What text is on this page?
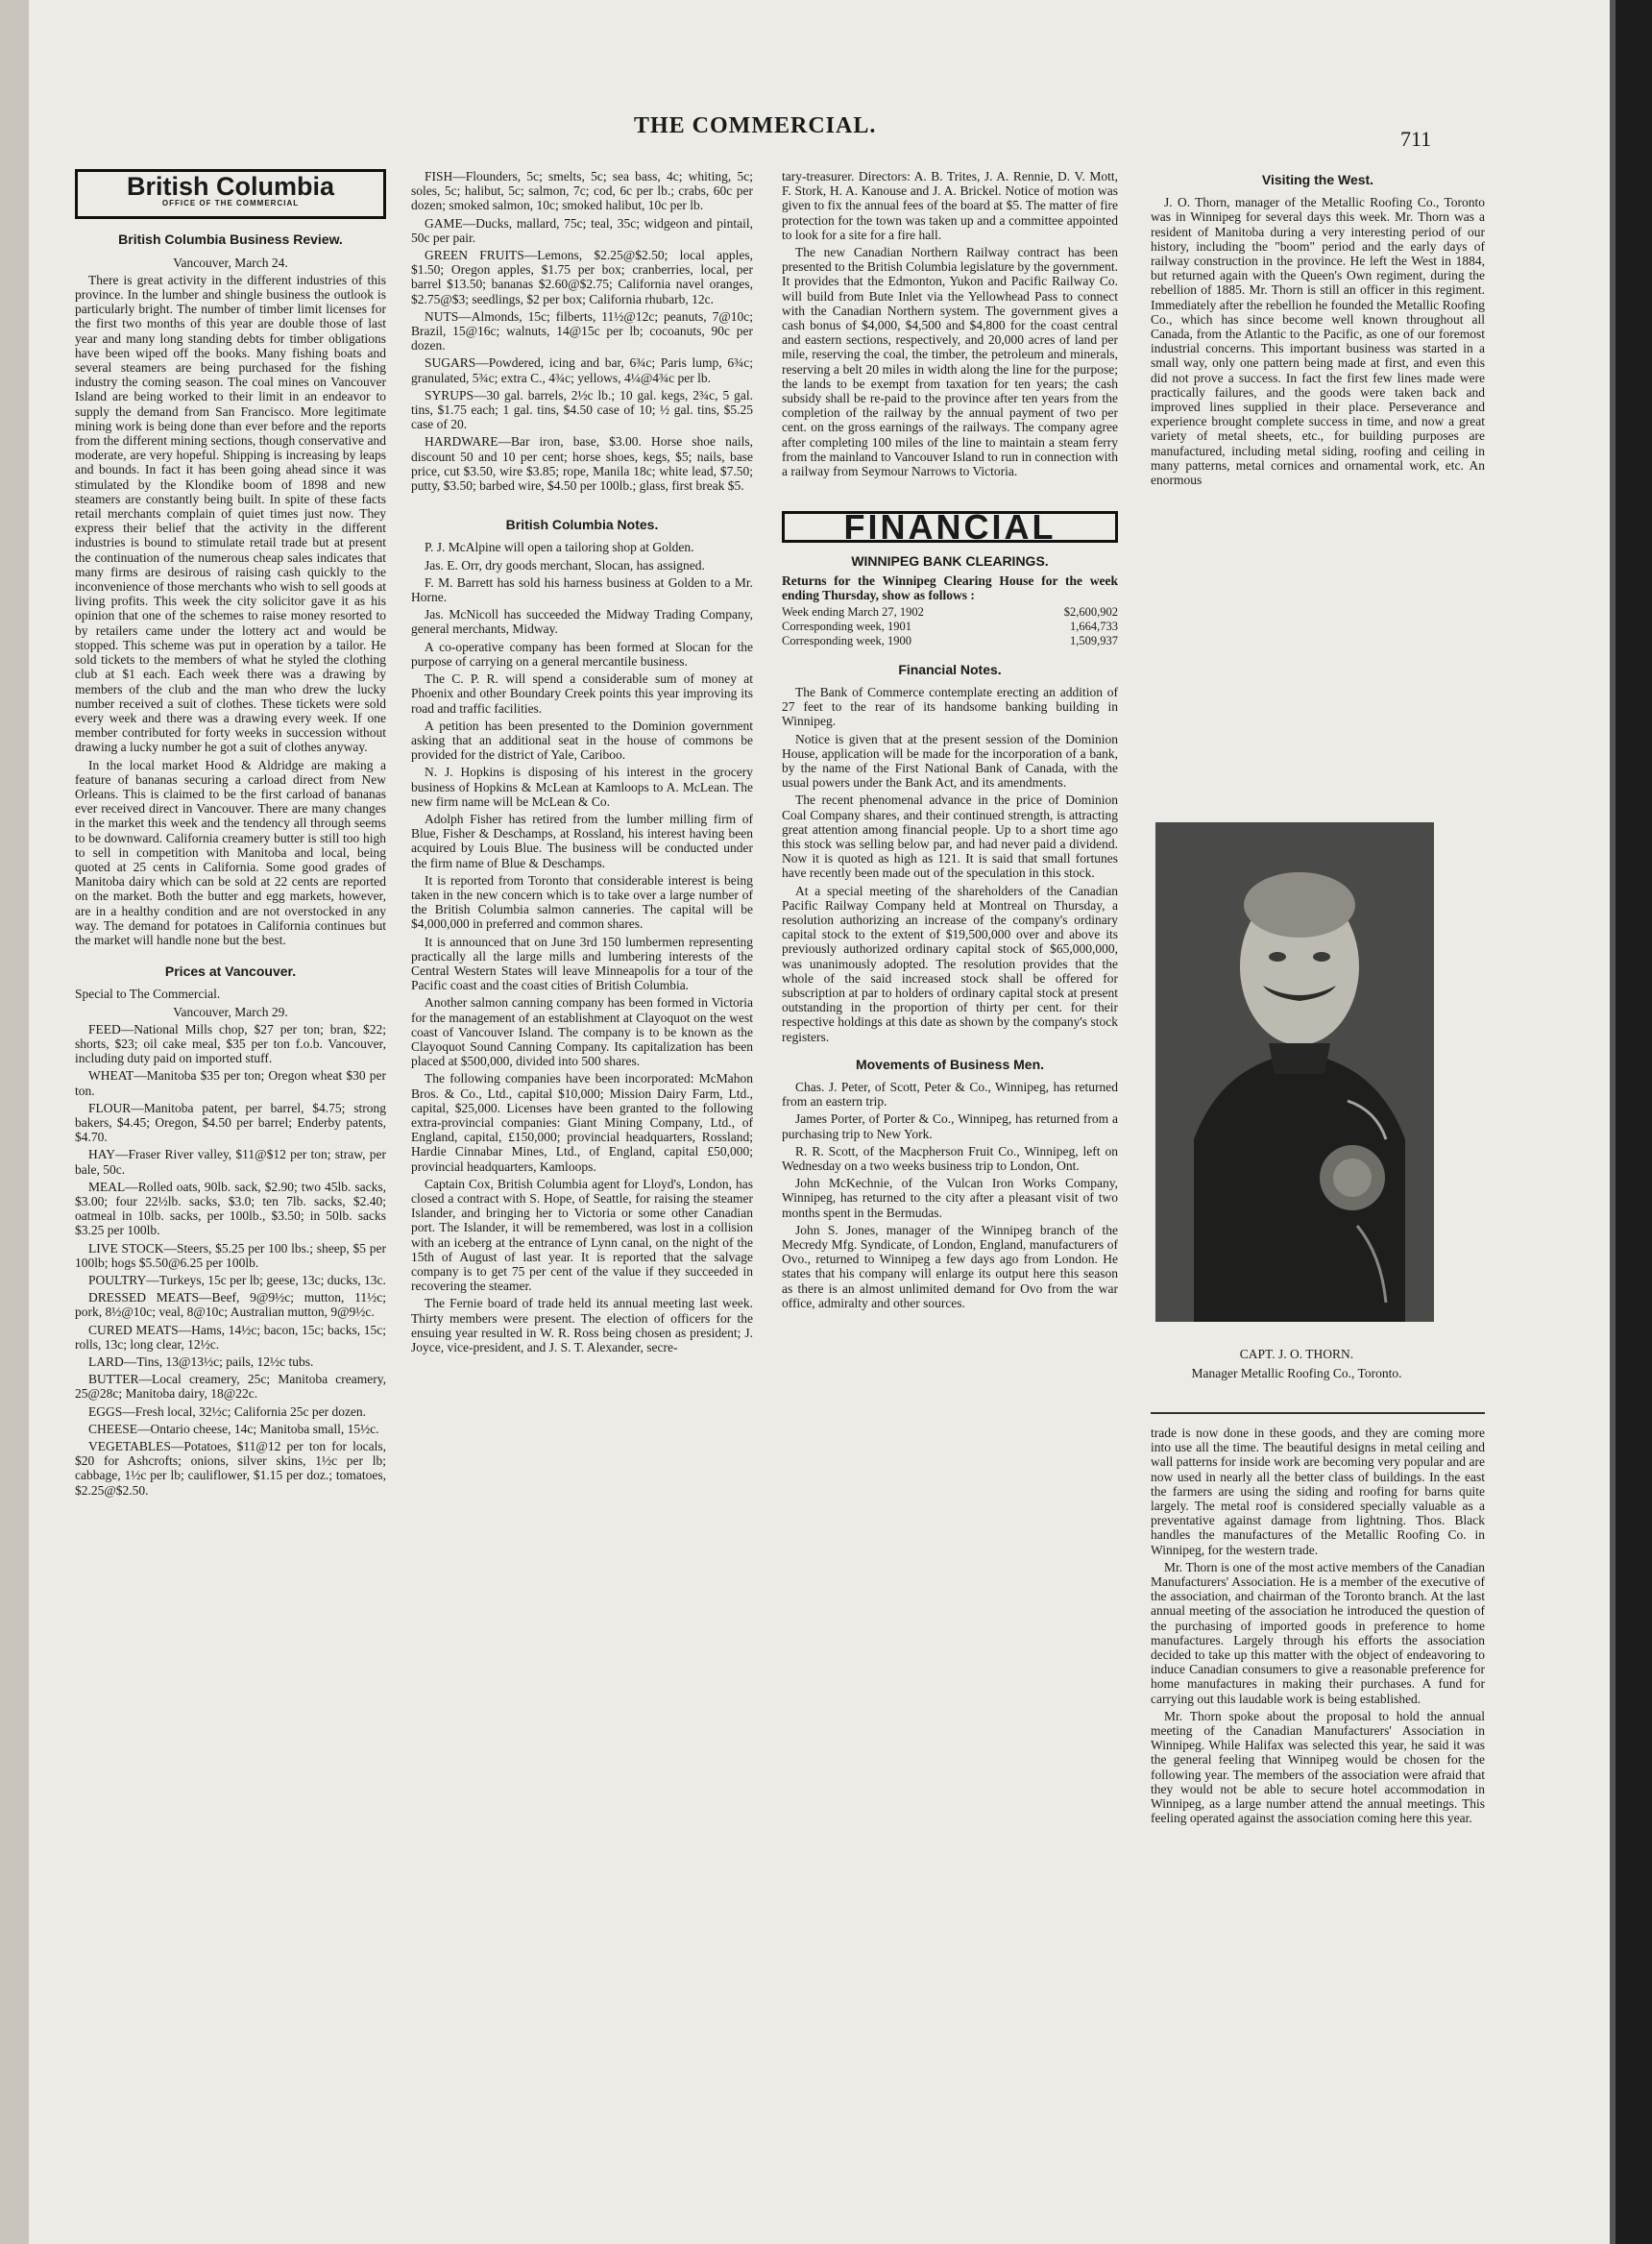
THE COMMERCIAL.
711
British Columbia
OFFICE OF THE COMMERCIAL
British Columbia Business Review.

Vancouver, March 24.

There is great activity in the different industries of this province. In the lumber and shingle business the outlook is particularly bright. The number of timber limit licenses for the first two months of this year are double those of last year and many long standing debts for timber obligations have been wiped off the books. Many fishing boats and several steamers are being purchased for the fishing industry the coming season. The coal mines on Vancouver Island are being worked to their limit in an endeavor to supply the demand from San Francisco. More legitimate mining work is being done than ever before and the reports from the different mining sections, though conservative and moderate, are very hopeful. Shipping is increasing by leaps and bounds. In fact it has been going ahead since it was stimulated by the Klondike boom of 1898 and new steamers are constantly being built. In spite of these facts retail merchants complain of quiet times just now. They express their belief that the activity in the different industries is bound to stimulate retail trade but at present the continuation of the numerous cheap sales indicates that many firms are desirous of raising cash quickly to the inconvenience of those merchants who wish to sell goods at living profits. This week the city solicitor gave it as his opinion that one of the schemes to raise money resorted to by retailers came under the lottery act and would be stopped. This scheme was put in operation by a tailor. He sold tickets to the members of what he styled the clothing club at $1 each. Each week there was a drawing by members of the club and the man who drew the lucky number received a suit of clothes. These tickets were sold every week and there was a drawing every week. If one member contributed for forty weeks in succession without drawing a lucky number he got a suit of clothes anyway.

In the local market Hood & Aldridge are making a feature of bananas securing a carload direct from New Orleans. This is claimed to be the first carload of bananas ever received direct in Vancouver. There are many changes in the market this week and the tendency all through seems to be downward. California creamery butter is still too high to sell in competition with Manitoba and local, being quoted at 25 cents in California. Some good grades of Manitoba dairy which can be sold at 22 cents are reported on the market. Both the butter and egg markets, however, are in a healthy condition and are not overstocked in any way. The demand for potatoes in California continues but the market will handle none but the best.

Prices at Vancouver.

Special to The Commercial.

Vancouver, March 29.

FEED—National Mills chop, $27 per ton; bran, $22; shorts, $23; oil cake meal, $35 per ton f.o.b. Vancouver, including duty paid on imported stuff.

WHEAT—Manitoba $35 per ton; Oregon wheat $30 per ton.

FLOUR—Manitoba patent, per barrel, $4.75; strong bakers, $4.45; Oregon, $4.50 per barrel; Enderby patents, $4.70.

HAY—Fraser River valley, $11@$12 per ton; straw, per bale, 50c.

MEAL—Rolled oats, 90lb. sack, $2.90; two 45lb. sacks, $3.00; four 22½lb. sacks, $3.0; ten 7lb. sacks, $2.40; oatmeal in 10lb. sacks, per 100lb., $3.50; in 50lb. sacks $3.25 per 100lb.

LIVE STOCK—Steers, $5.25 per 100 lbs.; sheep, $5 per 100lb; hogs $5.50@6.25 per 100lb.

POULTRY—Turkeys, 15c per lb; geese, 13c; ducks, 13c.

DRESSED MEATS—Beef, 9@9½c; mutton, 11½c; pork, 8½@10c; veal, 8@10c; Australian mutton, 9@9½c.

CURED MEATS—Hams, 14½c; bacon, 15c; backs, 15c; rolls, 13c; long clear, 12½c.

LARD—Tins, 13@13½c; pails, 12½c tubs.

BUTTER—Local creamery, 25c; Manitoba creamery, 25@28c; Manitoba dairy, 18@22c.

EGGS—Fresh local, 32½c; California 25c per dozen.

CHEESE—Ontario cheese, 14c; Manitoba small, 15½c.

VEGETABLES—Potatoes, $11@12 per ton for locals, $20 for Ashcrofts; onions, silver skins, 1½c per lb; cabbage, 1½c per lb; cauliflower, $1.15 per doz.; tomatoes, $2.25@$2.50.

FISH—Flounders, 5c; smelts, 5c; sea bass, 4c; whiting, 5c; soles, 5c; halibut, 5c; salmon, 7c; cod, 6c per lb.; crabs, 60c per dozen; smoked salmon, 10c; smoked halibut, 10c per lb.

GAME—Ducks, mallard, 75c; teal, 35c; widgeon and pintail, 50c per pair.

GREEN FRUITS—Lemons, $2.25@$2.50; local apples, $1.50; Oregon apples, $1.75 per box; cranberries, local, per barrel $13.50; bananas $2.60@$2.75; California navel oranges, $2.75@$3; seedlings, $2 per box; California rhubarb, 12c.

NUTS—Almonds, 15c; filberts, 11½@12c; peanuts, 7@10c; Brazil, 15@16c; walnuts, 14@15c per lb; cocoanuts, 90c per dozen.

SUGARS—Powdered, icing and bar, 6¾c; Paris lump, 6¾c; granulated, 5¾c; extra C., 4¾c; yellows, 4¼@4¾c per lb.

SYRUPS—30 gal. barrels, 2½c lb.; 10 gal. kegs, 2¾c, 5 gal. tins, $1.75 each; 1 gal. tins, $4.50 case of 10; ½ gal. tins, $5.25 case of 20.

HARDWARE—Bar iron, base, $3.00. Horse shoe nails, discount 50 and 10 per cent; horse shoes, kegs, $5; nails, base price, cut $3.50, wire $3.85; rope, Manila 18c; white lead, $7.50; putty, $3.50; barbed wire, $4.50 per 100lb.; glass, first break $5.

British Columbia Notes.

P. J. McAlpine will open a tailoring shop at Golden.

Jas. E. Orr, dry goods merchant, Slocan, has assigned.

F. M. Barrett has sold his harness business at Golden to a Mr. Horne.

Jas. McNicoll has succeeded the Midway Trading Company, general merchants, Midway.

A co-operative company has been formed at Slocan for the purpose of carrying on a general mercantile business.

The C. P. R. will spend a considerable sum of money at Phoenix and other Boundary Creek points this year improving its road and traffic facilities.

A petition has been presented to the Dominion government asking that an additional seat in the house of commons be provided for the district of Yale, Cariboo.

N. J. Hopkins is disposing of his interest in the grocery business of Hopkins & McLean at Kamloops to A. McLean. The new firm name will be McLean & Co.

Adolph Fisher has retired from the lumber milling firm of Blue, Fisher & Deschamps, at Rossland, his interest having been acquired by Louis Blue. The business will be conducted under the firm name of Blue & Deschamps.

It is reported from Toronto that considerable interest is being taken in the new concern which is to take over a large number of the British Columbia salmon canneries. The capital will be $4,000,000 in preferred and common shares.

It is announced that on June 3rd 150 lumbermen representing practically all the large mills and lumbering interests of the Central Western States will leave Minneapolis for a tour of the Pacific coast and the coast cities of British Columbia.

Another salmon canning company has been formed in Victoria for the management of an establishment at Clayoquot on the west coast of Vancouver Island. The company is to be known as the Clayoquot Sound Canning Company. Its capitalization has been placed at $500,000, divided into 500 shares.

The following companies have been incorporated: McMahon Bros. & Co., Ltd., capital $10,000; Mission Dairy Farm, Ltd., capital, $25,000. Licenses have been granted to the following extra-provincial companies: Giant Mining Company, Ltd., of England, capital, £150,000; provincial headquarters, Rossland; Hardie Cinnabar Mines, Ltd., of England, capital £50,000; provincial headquarters, Kamloops.

Captain Cox, British Columbia agent for Lloyd's, London, has closed a contract with S. Hope, of Seattle, for raising the steamer Islander, and bringing her to Victoria or some other Canadian port. The Islander, it will be remembered, was lost in a collision with an iceberg at the entrance of Lynn canal, on the night of the 15th of August of last year. It is reported that the salvage company is to get 75 per cent of the value if they succeeded in recovering the steamer.

The Fernie board of trade held its annual meeting last week. Thirty members were present. The election of officers for the ensuing year resulted in W. R. Ross being chosen as president; J. Joyce, vice-president, and J. S. T. Alexander, secre-

tary-treasurer. Directors: A. B. Trites, J. A. Rennie, D. V. Mott, F. Stork, H. A. Kanouse and J. A. Brickel. Notice of motion was given to fix the annual fees of the board at $5. The matter of fire protection for the town was taken up and a committee appointed to look for a site for a fire hall.

The new Canadian Northern Railway contract has been presented to the British Columbia legislature by the government. It provides that the Edmonton, Yukon and Pacific Railway Co. will build from Bute Inlet via the Yellowhead Pass to connect with the Canadian Northern system. The government gives a cash bonus of $4,000, $4,500 and $4,800 for the coast central and eastern sections, respectively, and 20,000 acres of land per mile, reserving the coal, the timber, the petroleum and minerals, reserving a belt 20 miles in width along the line for the purpose; the lands to be exempt from taxation for ten years; the cash subsidy shall be re-paid to the province after ten years from the completion of the railway by the annual payment of two per cent. on the gross earnings of the railways. The company agree after completing 100 miles of the line to maintain a steam ferry from the mainland to Vancouver Island to run in connection with a railway from Seymour Narrows to Victoria.

FINANCIAL
WINNIPEG BANK CLEARINGS.

Returns for the Winnipeg Clearing House for the week ending Thursday, show as follows :

Week ending March 27, 1902	$2,600,902
Corresponding week, 1901	1,664,733
Corresponding week, 1900	1,509,937
Financial Notes.

The Bank of Commerce contemplate erecting an addition of 27 feet to the rear of its handsome banking building in Winnipeg.

Notice is given that at the present session of the Dominion House, application will be made for the incorporation of a bank, by the name of the First National Bank of Canada, with the usual powers under the Bank Act, and its amendments.

The recent phenomenal advance in the price of Dominion Coal Company shares, and their continued strength, is attracting great attention among financial people. Up to a short time ago this stock was selling below par, and had never paid a dividend. Now it is quoted as high as 121. It is said that small fortunes have recently been made out of the speculation in this stock.

At a special meeting of the shareholders of the Canadian Pacific Railway Company held at Montreal on Thursday, a resolution authorizing an increase of the company's ordinary capital stock to the extent of $19,500,000 over and above its previously authorized ordinary capital stock of $65,000,000, was unanimously adopted. The resolution provides that the whole of the said increased stock shall be offered for subscription at par to holders of ordinary capital stock at present outstanding in the proportion of thirty per cent. for their respective holdings at this date as shown by the company's stock registers.

Movements of Business Men.

Chas. J. Peter, of Scott, Peter & Co., Winnipeg, has returned from an eastern trip.

James Porter, of Porter & Co., Winnipeg, has returned from a purchasing trip to New York.

R. R. Scott, of the Macpherson Fruit Co., Winnipeg, left on Wednesday on a two weeks business trip to London, Ont.

John McKechnie, of the Vulcan Iron Works Company, Winnipeg, has returned to the city after a pleasant visit of two months spent in the Bermudas.

John S. Jones, manager of the Winnipeg branch of the Mecredy Mfg. Syndicate, of London, England, manufacturers of Ovo., returned to Winnipeg a few days ago from London. He states that his company will enlarge its output here this season as there is an almost unlimited demand for Ovo from the war office, admiralty and other sources.

Visiting the West.

J. O. Thorn, manager of the Metallic Roofing Co., Toronto was in Winnipeg for several days this week. Mr. Thorn was a resident of Manitoba during a very interesting period of our history, including the "boom" period and the early days of railway construction in the province. He left the West in 1884, but returned again with the Queen's Own regiment, during the rebellion of 1885. Mr. Thorn is still an officer in this regiment. Immediately after the rebellion he founded the Metallic Roofing Co., which has since become well known throughout all Canada, from the Atlantic to the Pacific, as one of our foremost industrial concerns. This important business was started in a small way, only one pattern being made at first, and even this did not prove a success. In fact the first few lines made were practically failures, and the goods were taken back and improved lines supplied in their place. Perseverance and experience brought complete success in time, and now a great variety of metal sheets, etc., for building purposes are manufactured, including metal siding, roofing and ceiling in many patterns, metal cornices and ornamental work, etc. An enormous

CAPT. J. O. THORN.
Manager Metallic Roofing Co., Toronto.

trade is now done in these goods, and they are coming more into use all the time. The beautiful designs in metal ceiling and wall patterns for inside work are becoming very popular and are now used in nearly all the better class of buildings. In the east the farmers are using the siding and roofing for barns quite largely. The metal roof is considered specially valuable as a preventative against damage from lightning. Thos. Black handles the manufactures of the Metallic Roofing Co. in Winnipeg, for the western trade.

Mr. Thorn is one of the most active members of the Canadian Manufacturers' Association. He is a member of the executive of the association, and chairman of the Toronto branch. At the last annual meeting of the association he introduced the question of the purchasing of imported goods in preference to home manufactures. Largely through his efforts the association decided to take up this matter with the object of endeavoring to induce Canadian consumers to give a reasonable preference for home manufactures in making their purchases. A fund for carrying out this laudable work is being established.

Mr. Thorn spoke about the proposal to hold the annual meeting of the Canadian Manufacturers' Association in Winnipeg. While Halifax was selected this year, he said it was the general feeling that Winnipeg would be chosen for the following year. The members of the association were afraid that they would not be able to secure hotel accommodation in Winnipeg, as a large number attend the annual meetings. This feeling operated against the association coming here this year.
